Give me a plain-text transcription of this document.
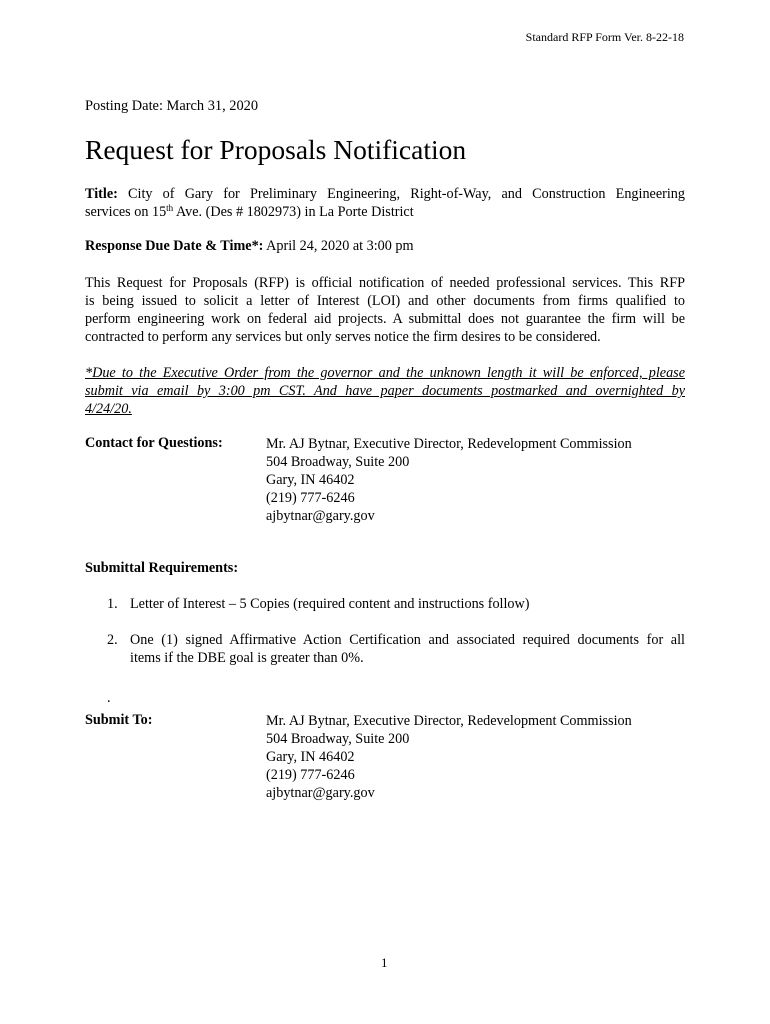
Standard RFP Form Ver. 8-22-18
Posting Date: March 31, 2020
Request for Proposals Notification
Title: City of Gary for Preliminary Engineering, Right-of-Way, and Construction Engineering
services on 15th Ave. (Des # 1802973) in La Porte District
Response Due Date & Time*: April 24, 2020 at 3:00 pm
This Request for Proposals (RFP) is official notification of needed professional services. This RFP
is being issued to solicit a letter of Interest (LOI) and other documents from firms qualified to
perform engineering work on federal aid projects. A submittal does not guarantee the firm will be
contracted to perform any services but only serves notice the firm desires to be considered.
*Due to the Executive Order from the governor and the unknown length it will be enforced, please
submit via email by 3:00 pm CST. And have paper documents postmarked and overnighted by
4/24/20.
Contact for Questions:	Mr. AJ Bytnar, Executive Director, Redevelopment Commission
504 Broadway, Suite 200
Gary, IN 46402
(219) 777-6246
ajbytnar@gary.gov
Submittal Requirements:
1. Letter of Interest – 5 Copies (required content and instructions follow)
2. One (1) signed Affirmative Action Certification and associated required documents for all
items if the DBE goal is greater than 0%.
.
Submit To:	Mr. AJ Bytnar, Executive Director, Redevelopment Commission
504 Broadway, Suite 200
Gary, IN 46402
(219) 777-6246
ajbytnar@gary.gov
1
